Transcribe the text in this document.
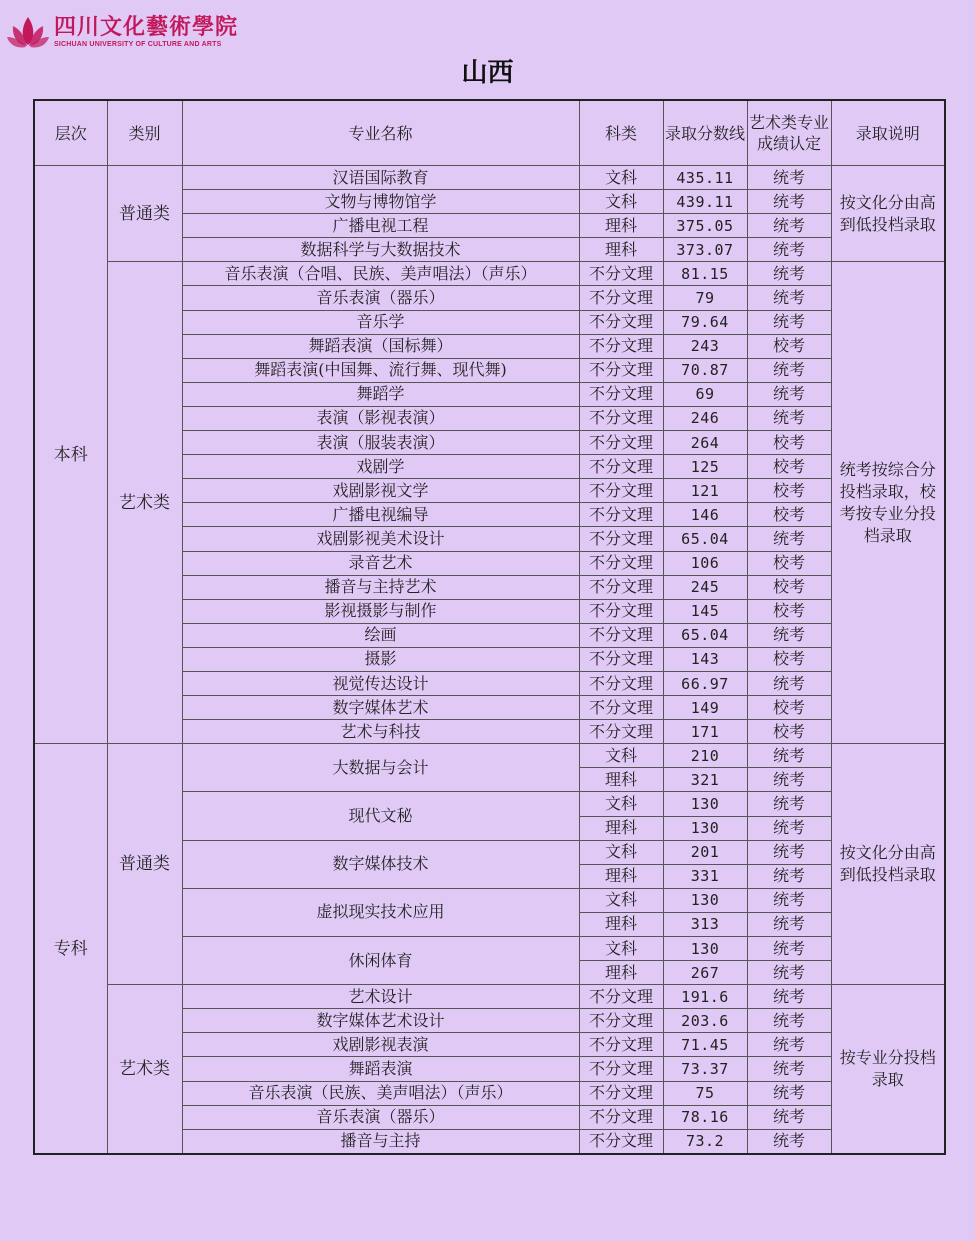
四川文化藝術學院
SICHUAN UNIVERSITY OF CULTURE AND ARTS
山西
层次	类别	专业名称	科类	录取分数线	艺术类专业成绩认定	录取说明
本科	普通类	汉语国际教育	文科	435.11	统考	按文化分由高到低投档录取
		文物与博物馆学	文科	439.11	统考	
		广播电视工程	理科	375.05	统考	
		数据科学与大数据技术	理科	373.07	统考	
	艺术类	音乐表演（合唱、民族、美声唱法）（声乐）	不分文理	81.15	统考	统考按综合分投档录取，校考按专业分投档录取
		音乐表演（器乐）	不分文理	79	统考	
		音乐学	不分文理	79.64	统考	
		舞蹈表演（国标舞）	不分文理	243	校考	
		舞蹈表演(中国舞、流行舞、现代舞)	不分文理	70.87	统考	
		舞蹈学	不分文理	69	统考	
		表演（影视表演）	不分文理	246	统考	
		表演（服装表演）	不分文理	264	校考	
		戏剧学	不分文理	125	校考	
		戏剧影视文学	不分文理	121	校考	
		广播电视编导	不分文理	146	校考	
		戏剧影视美术设计	不分文理	65.04	统考	
		录音艺术	不分文理	106	校考	
		播音与主持艺术	不分文理	245	校考	
		影视摄影与制作	不分文理	145	校考	
		绘画	不分文理	65.04	统考	
		摄影	不分文理	143	校考	
		视觉传达设计	不分文理	66.97	统考	
		数字媒体艺术	不分文理	149	校考	
		艺术与科技	不分文理	171	校考	
专科	普通类	大数据与会计	文科	210	统考	按文化分由高到低投档录取
			理科	321	统考	
		现代文秘	文科	130	统考	
			理科	130	统考	
		数字媒体技术	文科	201	统考	
			理科	331	统考	
		虚拟现实技术应用	文科	130	统考	
			理科	313	统考	
		休闲体育	文科	130	统考	
			理科	267	统考	
	艺术类	艺术设计	不分文理	191.6	统考	按专业分投档录取
		数字媒体艺术设计	不分文理	203.6	统考	
		戏剧影视表演	不分文理	71.45	统考	
		舞蹈表演	不分文理	73.37	统考	
		音乐表演（民族、美声唱法）（声乐）	不分文理	75	统考	
		音乐表演（器乐）	不分文理	78.16	统考	
		播音与主持	不分文理	73.2	统考	
